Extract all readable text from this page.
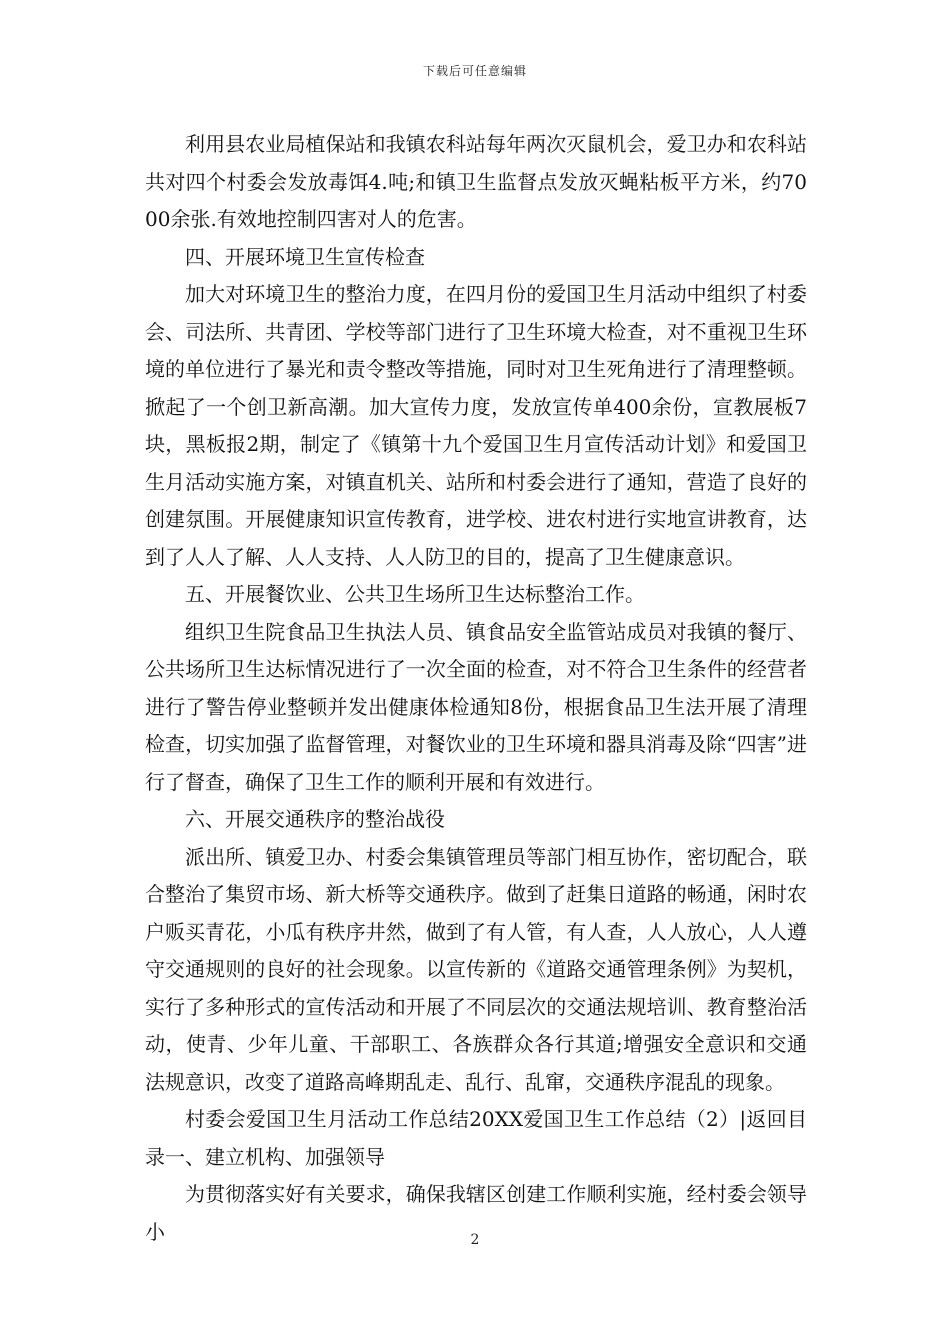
下载后可任意编辑

利用县农业局植保站和我镇农科站每年两次灭鼠机会，爱卫办和农科站共对四个村委会发放毒饵4.吨;和镇卫生监督点发放灭蝇粘板平方米，约7000余张.有效地控制四害对人的危害。

四、开展环境卫生宣传检查

加大对环境卫生的整治力度，在四月份的爱国卫生月活动中组织了村委会、司法所、共青团、学校等部门进行了卫生环境大检查，对不重视卫生环境的单位进行了暴光和责令整改等措施，同时对卫生死角进行了清理整顿。掀起了一个创卫新高潮。加大宣传力度，发放宣传单400余份，宣教展板7块，黑板报2期，制定了《镇第十九个爱国卫生月宣传活动计划》和爱国卫生月活动实施方案，对镇直机关、站所和村委会进行了通知，营造了良好的创建氛围。开展健康知识宣传教育，进学校、进农村进行实地宣讲教育，达到了人人了解、人人支持、人人防卫的目的，提高了卫生健康意识。

五、开展餐饮业、公共卫生场所卫生达标整治工作。

组织卫生院食品卫生执法人员、镇食品安全监管站成员对我镇的餐厅、公共场所卫生达标情况进行了一次全面的检查，对不符合卫生条件的经营者进行了警告停业整顿并发出健康体检通知8份，根据食品卫生法开展了清理检查，切实加强了监督管理，对餐饮业的卫生环境和器具消毒及除“四害”进行了督查，确保了卫生工作的顺利开展和有效进行。

六、开展交通秩序的整治战役

派出所、镇爱卫办、村委会集镇管理员等部门相互协作，密切配合，联合整治了集贸市场、新大桥等交通秩序。做到了赶集日道路的畅通，闲时农户贩买青花，小瓜有秩序井然，做到了有人管，有人查，人人放心，人人遵守交通规则的良好的社会现象。以宣传新的《道路交通管理条例》为契机，实行了多种形式的宣传活动和开展了不同层次的交通法规培训、教育整治活动，使青、少年儿童、干部职工、各族群众各行其道;增强安全意识和交通法规意识，改变了道路高峰期乱走、乱行、乱窜，交通秩序混乱的现象。

村委会爱国卫生月活动工作总结20XX爱国卫生工作总结（2）|返回目录一、建立机构、加强领导

为贯彻落实好有关要求，确保我辖区创建工作顺利实施，经村委会领导小	2
